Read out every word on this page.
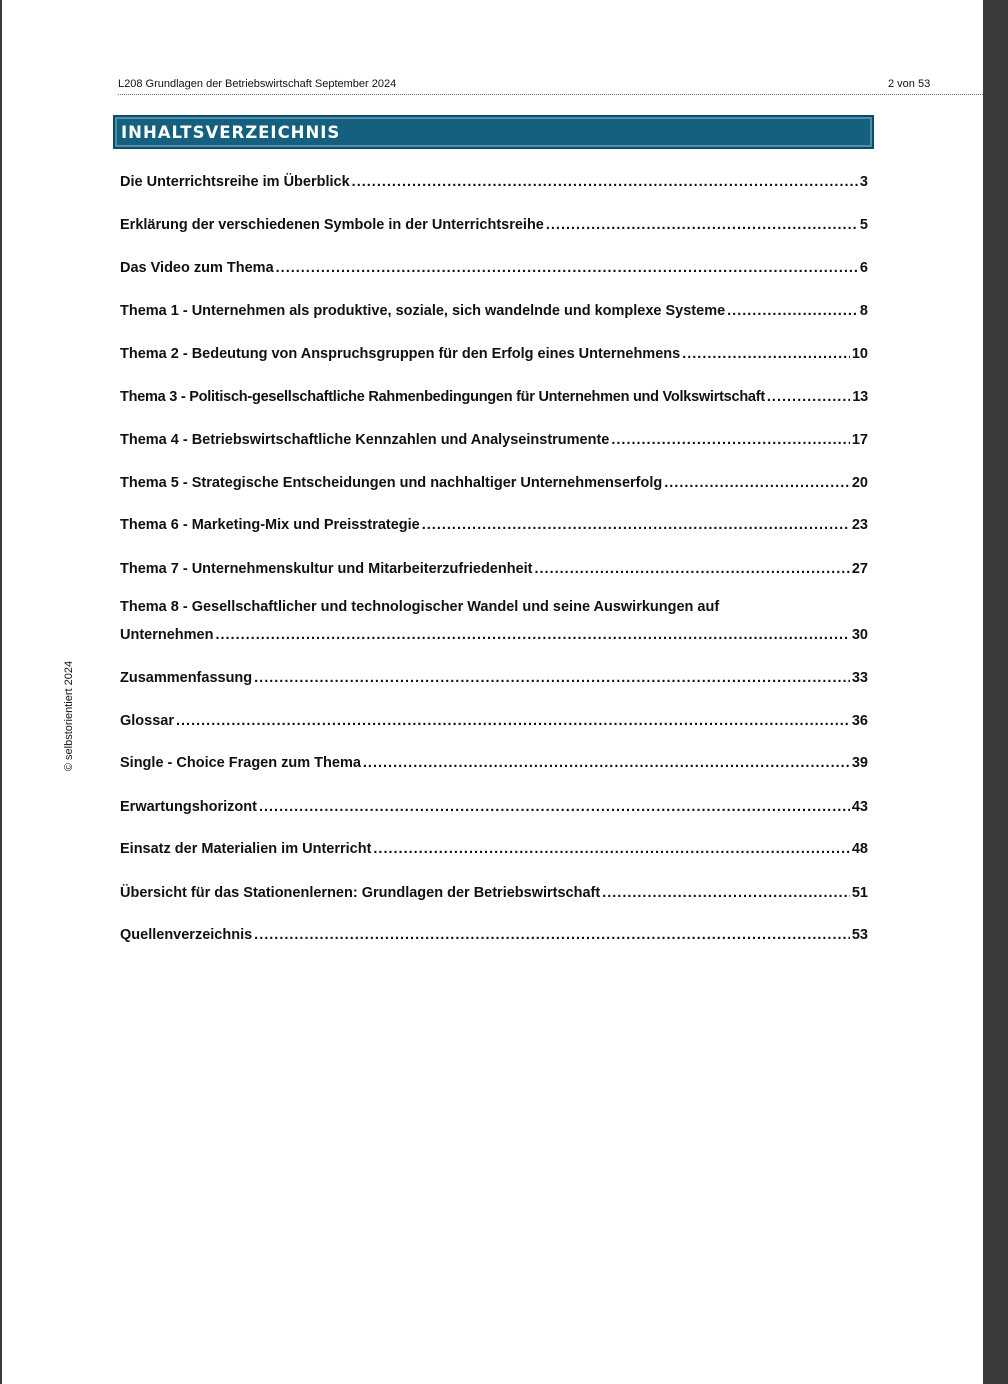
L208 Grundlagen der Betriebswirtschaft September 2024	2 von 53
INHALTSVERZEICHNIS
Die Unterrichtsreihe im Überblick .....	3
Erklärung der verschiedenen Symbole in der Unterrichtsreihe .....	5
Das Video zum Thema .....	6
Thema 1 - Unternehmen als produktive, soziale, sich wandelnde und komplexe Systeme .....	8
Thema 2 - Bedeutung von Anspruchsgruppen für den Erfolg eines Unternehmens .....	10
Thema 3 - Politisch-gesellschaftliche Rahmenbedingungen für Unternehmen und Volkswirtschaft .....	13
Thema 4 - Betriebswirtschaftliche Kennzahlen und Analyseinstrumente .....	17
Thema 5 - Strategische Entscheidungen und nachhaltiger Unternehmenserfolg .....	20
Thema 6 - Marketing-Mix und Preisstrategie .....	23
Thema 7 - Unternehmenskultur und Mitarbeiterzufriedenheit .....	27
Thema 8 - Gesellschaftlicher und technologischer Wandel und seine Auswirkungen auf
Unternehmen .....	30
Zusammenfassung .....	33
Glossar .....	36
Single - Choice Fragen zum Thema .....	39
Erwartungshorizont .....	43
Einsatz der Materialien im Unterricht .....	48
Übersicht für das Stationenlernen: Grundlagen der Betriebswirtschaft .....	51
Quellenverzeichnis .....	53
© selbstorientiert 2024
